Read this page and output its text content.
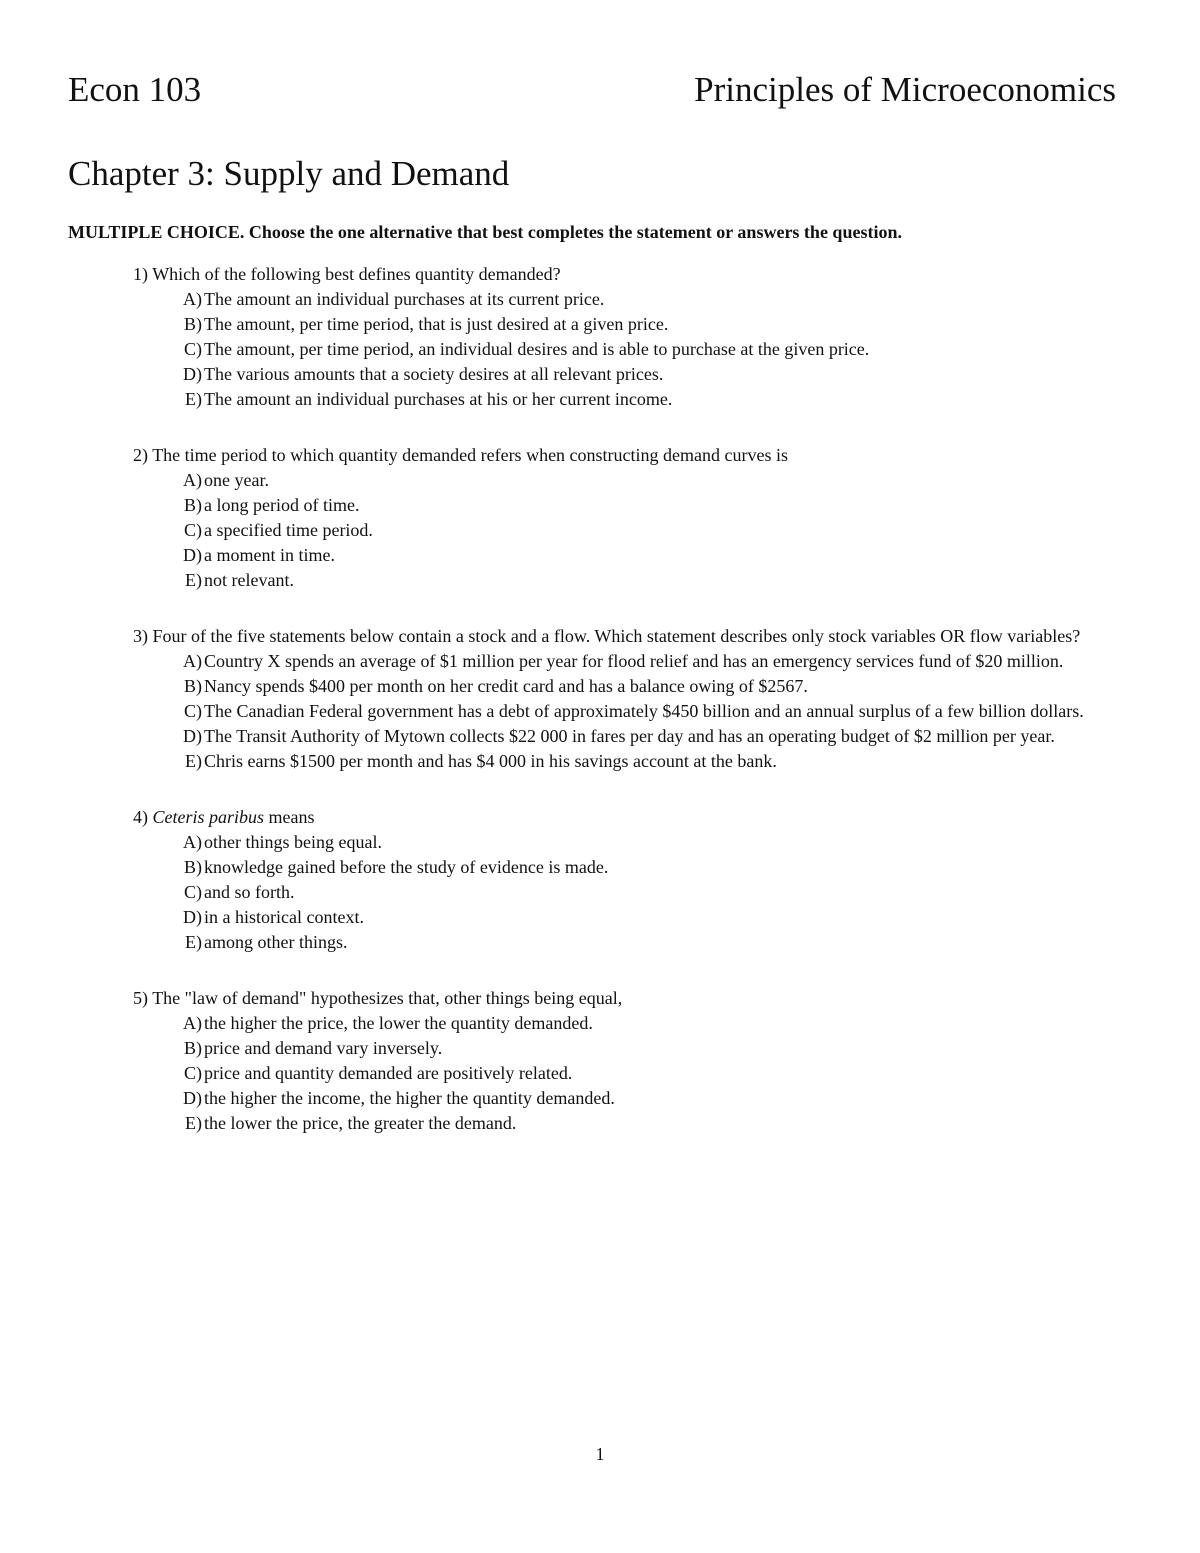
Econ 103	Principles of Microeconomics
Chapter 3: Supply and Demand

MULTIPLE CHOICE. Choose the one alternative that best completes the statement or answers the question.

1) Which of the following best defines quantity demanded?

A) The amount an individual purchases at its current price.
B) The amount, per time period, that is just desired at a given price.
C) The amount, per time period, an individual desires and is able to purchase at the given price.
D) The various amounts that a society desires at all relevant prices.
E) The amount an individual purchases at his or her current income.

2) The time period to which quantity demanded refers when constructing demand curves is

A) one year.
B) a long period of time.
C) a specified time period.
D) a moment in time.
E) not relevant.

3) Four of the five statements below contain a stock and a flow. Which statement describes only stock variables OR flow variables?

A) Country X spends an average of $1 million per year for flood relief and has an emergency services fund of $20 million.
B) Nancy spends $400 per month on her credit card and has a balance owing of $2567.
C) The Canadian Federal government has a debt of approximately $450 billion and an annual surplus of a few billion dollars.
D) The Transit Authority of Mytown collects $22 000 in fares per day and has an operating budget of $2 million per year.
E) Chris earns $1500 per month and has $4 000 in his savings account at the bank.

4) Ceteris paribus means

A) other things being equal.
B) knowledge gained before the study of evidence is made.
C) and so forth.
D) in a historical context.
E) among other things.

5) The "law of demand" hypothesizes that, other things being equal,

A) the higher the price, the lower the quantity demanded.
B) price and demand vary inversely.
C) price and quantity demanded are positively related.
D) the higher the income, the higher the quantity demanded.
E) the lower the price, the greater the demand.
1
